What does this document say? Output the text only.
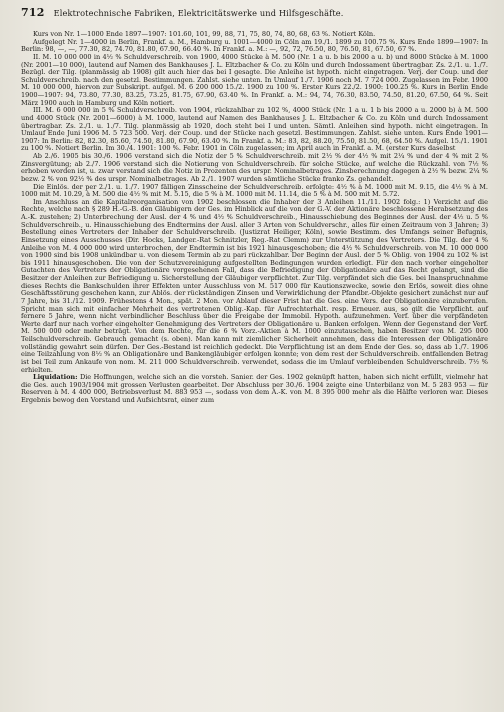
712 Elektrotechnische Fabriken, Elektricitätswerke und Hilfsgeschäfte.

Kurs von Nr. 1—1000 Ende 1897—1907: 101.60, 101, 99, 88, 71, 75, 80, 74, 80, 68, 63 %. Notiert Köln.

Aufgelegt Nr. 1—4000 in Berlin, Frankf. a. M., Hamburg u. 1001—4000 in Cöln am 19./1. 1899 zu 100.75 %. Kurs Ende 1899—1907: In Berlin: 98, —, —, 77.30, 82, 74.70, 81.80, 67.90, 66.40 %. In Frankf. a. M.: —, 92, 72, 76.50, 80, 76.50, 81, 67.50, 67 %.

II. M. 10 000 000 in 4½ % Schuldverschreib. von 1900, 4000 Stücke à M. 500 (Nr. 1 a u. b bis 2000 a u. b) und 8000 Stücke à M. 1000 (Nr. 2001—10 000), lautend auf Namen des Bankhauses J. L. Eltzbacher & Co. zu Köln und durch Indossament übertragbar. Zs. 2./1. u. 1./7. Bezügl. der Tilg. (planmässig ab 1908) gilt auch hier das bei I gesagte. Die Anleihe ist hypoth. nicht eingetragen. Verj. der Coup. und der Schuldverschreib. nach den gesetzl. Bestimmungen. Zahlst. siehe unten. In Umlauf 1./7. 1906 noch M. 7 724 000. Zugelassen im Febr. 1900 M. 10 000 000, hiervon zur Subskript. aufgel. M. 6 200 000 15./2. 1900 zu 100 %. Erster Kurs 22./2. 1900: 100.25 %. Kurs in Berlin Ende 1900—1907: 94, 73.80, 77.30, 83.25, 73.25, 81.75, 67.90, 63.40 %. In Frankf. a. M.: 94, 74, 76.30, 83.50, 74.50, 81.20, 67.50, 64 %. Seit März 1900 auch in Hamburg und Köln notiert.

III. M. 6 000 000 in 5 % Schuldverschreib. von 1904, rückzahlbar zu 102 %, 4000 Stück (Nr. 1 a u. 1 b bis 2000 a u. 2000 b) à M. 500 und 4000 Stück (Nr. 2001—6000) à M. 1000, lautend auf Namen des Bankhauses J. L. Eltzbacher & Co. zu Köln und durch Indossament übertragbar. Zs. 2./1. u. 1./7. Tilg. planmässig ab 1920, doch steht bei I und unten. Sämtl. Anleihen sind hypoth. nicht eingetragen. In Umlauf Ende Juni 1906 M. 5 723 500. Verj. der Coup. und der Stücke nach gesetzl. Bestimmungen. Zahlst. siehe unten. Kurs Ende 1901—1907: In Berlin: 82, 82.30, 85.60, 74.50, 81.80, 67.90, 63.40 %. In Frankf. a. M.: 83, 82, 88.20, 75.50, 81.50, 68, 64.50 %. Aufgel. 15./1. 1901 zu 100 %. Notiert Berlin. Im 30./4. 1901: 100 %. Febr. 1901 in Cöln zugelassen; im April auch in Frankf. a. M. (erster Kurs daselbst

Ab 2./6. 1905 bis 30./6. 1906 verstand sich die Notiz der 5 % Schuldverschreib. mit 2½ % der 4½ % mit 2¼ % und der 4 % mit 2 % Zinsvergütung; ab 2./7. 1906 verstand sich die Notierung von Schuldverschreib. für solche Stücke, auf welche die Rückzahl. von 7½ % erhoben worden ist, u. zwar verstand sich die Notiz in Prozenten des urspr. Nominalbetrages. Zinsberechnung dagegen à 2½ % bezw. 2¼ % bezw. 2 % von 92½ % des urspr. Nominalbetrages. Ab 2./1. 1907 wurden sämtliche Stücke franko Zs. gehandelt.

Die Einlös. der per 2./1. u. 1./7. 1907 fälligen Zinsscheine der Schuldverschreib. erfolgte: 4½ % à M. 1000 mit M. 9.15, die 4½ % à M. 1000 mit M. 10.29, à M. 500 die 4½ % mit M. 5.15, die 5 % à M. 1000 mit M. 11.14, die 5 % à M. 500 mit M. 5.72.

Im Anschluss an die Kapitalreorganisation von 1902 beschlossen die Inhaber der 3 Anleihen 11./11. 1902 folg.: 1) Verzicht auf die Rechte, welche nach § 289 H.-G.-B. den Gläubigern der Ges. im Hinblick auf die von der G.-V. der Aktionäre beschlossene Herabsetzung des A.-K. zustehen; 2) Unterbrechung der Ausl. der 4 % und 4½ % Schuldverschreib., Hinausschiebung des Beginnes der Ausl. der 4½ u. 5 % Schuldverschreib., u. Hinausschiebung des Endtermins der Ausl. aller 3 Arten von Schuldverschr., alles für einen Zeitraum von 3 Jahren; 3) Bestellung eines Vertreters der Inhaber der Schuldverschreib. (Justizrat Heiliger, Köln), sowie Bestimm. des Umfangs seiner Befugnis, Einsetzung eines Ausschusses (Dir. Hocks, Landger.-Rat Schnitzler, Reg.-Rat Clemm) zur Unterstützung des Vertreters. Die Tilg. der 4 % Anleihe von M. 4 000 000 wird unterbrochen, der Endtermin ist bis 1921 hinausgeschoben; die 4½ % Schuldverschreib. von M. 10 000 000 von 1900 sind bis 1908 unkündbar u. von diesem Termin ab zu pari rückzahlbar. Der Beginn der Ausl. der 5 % Oblig. von 1904 zu 102 % ist bis 1911 hinausgeschoben. Die von der Schutzvereinigung aufgestellten Bedingungen wurden erledigt. Für den nach vorher eingeholter Gutachten des Vertreters der Obligationäre vorgesehenen Fall, dass die Befriedigung der Obligationäre auf das Recht gelangt, sind die Besitzer der Anleihen zur Befriedigung u. Sicherstellung der Gläubiger verpflichtet. Zur Tilg. verpfändet sich die Ges. bei Inanspruchnahme dieses Rechts die Bankschulden ihrer Effekten unter Ausschluss von M. 517 000 für Kautionszwecke, sowie den Erlös, soweit dies ohne Geschäftsstörung geschehen kann, zur Ablös. der rückständigen Zinsen und Verwirklichung der Pfandbr.-Objekte gesichert zunächst nur auf 7 Jahre, bis 31./12. 1909. Frühestens 4 Mon., spät. 2 Mon. vor Ablauf dieser Frist hat die Ges. eine Vers. der Obligationäre einzuberufen. Spricht man sich mit einfacher Mehrheit des vertretenen Oblig.-Kap. für Aufrechterhalt. resp. Erneuer. aus, so gilt die Verpflicht. auf fernere 5 Jahre, wenn nicht verbindlicher Beschluss über die Freigabe der Immobil. Hypoth. aufzunehmen. Verf. über die verpfändeten Werte darf nur nach vorher eingeholter Genehmigung des Vertreters der Obligationäre u. Banken erfolgen. Wenn der Gegenstand der Verf. M. 500 000 oder mehr beträgt. Von dem Rechte, für die 6 % Vorz.-Aktien à M. 1000 einzutauschen, haben Besitzer von M. 295 000 Teilschuldverschreib. Gebrauch gemacht (s. oben). Man kann mit ziemlicher Sicherheit annehmen, dass die Interessen der Obligationäre vollständig gewahrt sein dürfen. Der Ges.-Bestand ist reichlich gedeckt. Die Verpflichtung ist an dem Ende der Ges. so, dass ab 1./7. 1906 eine Teilzahlung von 8½ % an Obligationäre und Bankengläubiger erfolgen konnte; von dem rest der Schuldverschreib. entfallenden Betrag ist bei Teil zum Ankaufe von nom. M. 211 000 Schuldverschreib. verwendet, sodass die im Umlauf verbleibenden Schuldverschreib. 7½ % erhielten.

Liquidation: Die Hoffnungen, welche sich an die vorsteh. Sanier. der Ges. 1902 geknüpft hatten, haben sich nicht erfüllt, vielmehr hat die Ges. auch 1903/1904 mit grossen Verlusten gearbeitet. Der Abschluss per 30./6. 1904 zeigte eine Unterbilanz von M. 5 283 953 — für Reserven à M. 4 400 000, Betriebsverlust M. 883 953 —, sodass von dem A.-K. von M. 8 395 000 mehr als die Hälfte verloren war. Dieses Ergebnis bewog den Vorstand und Aufsichtsrat, einer zum
